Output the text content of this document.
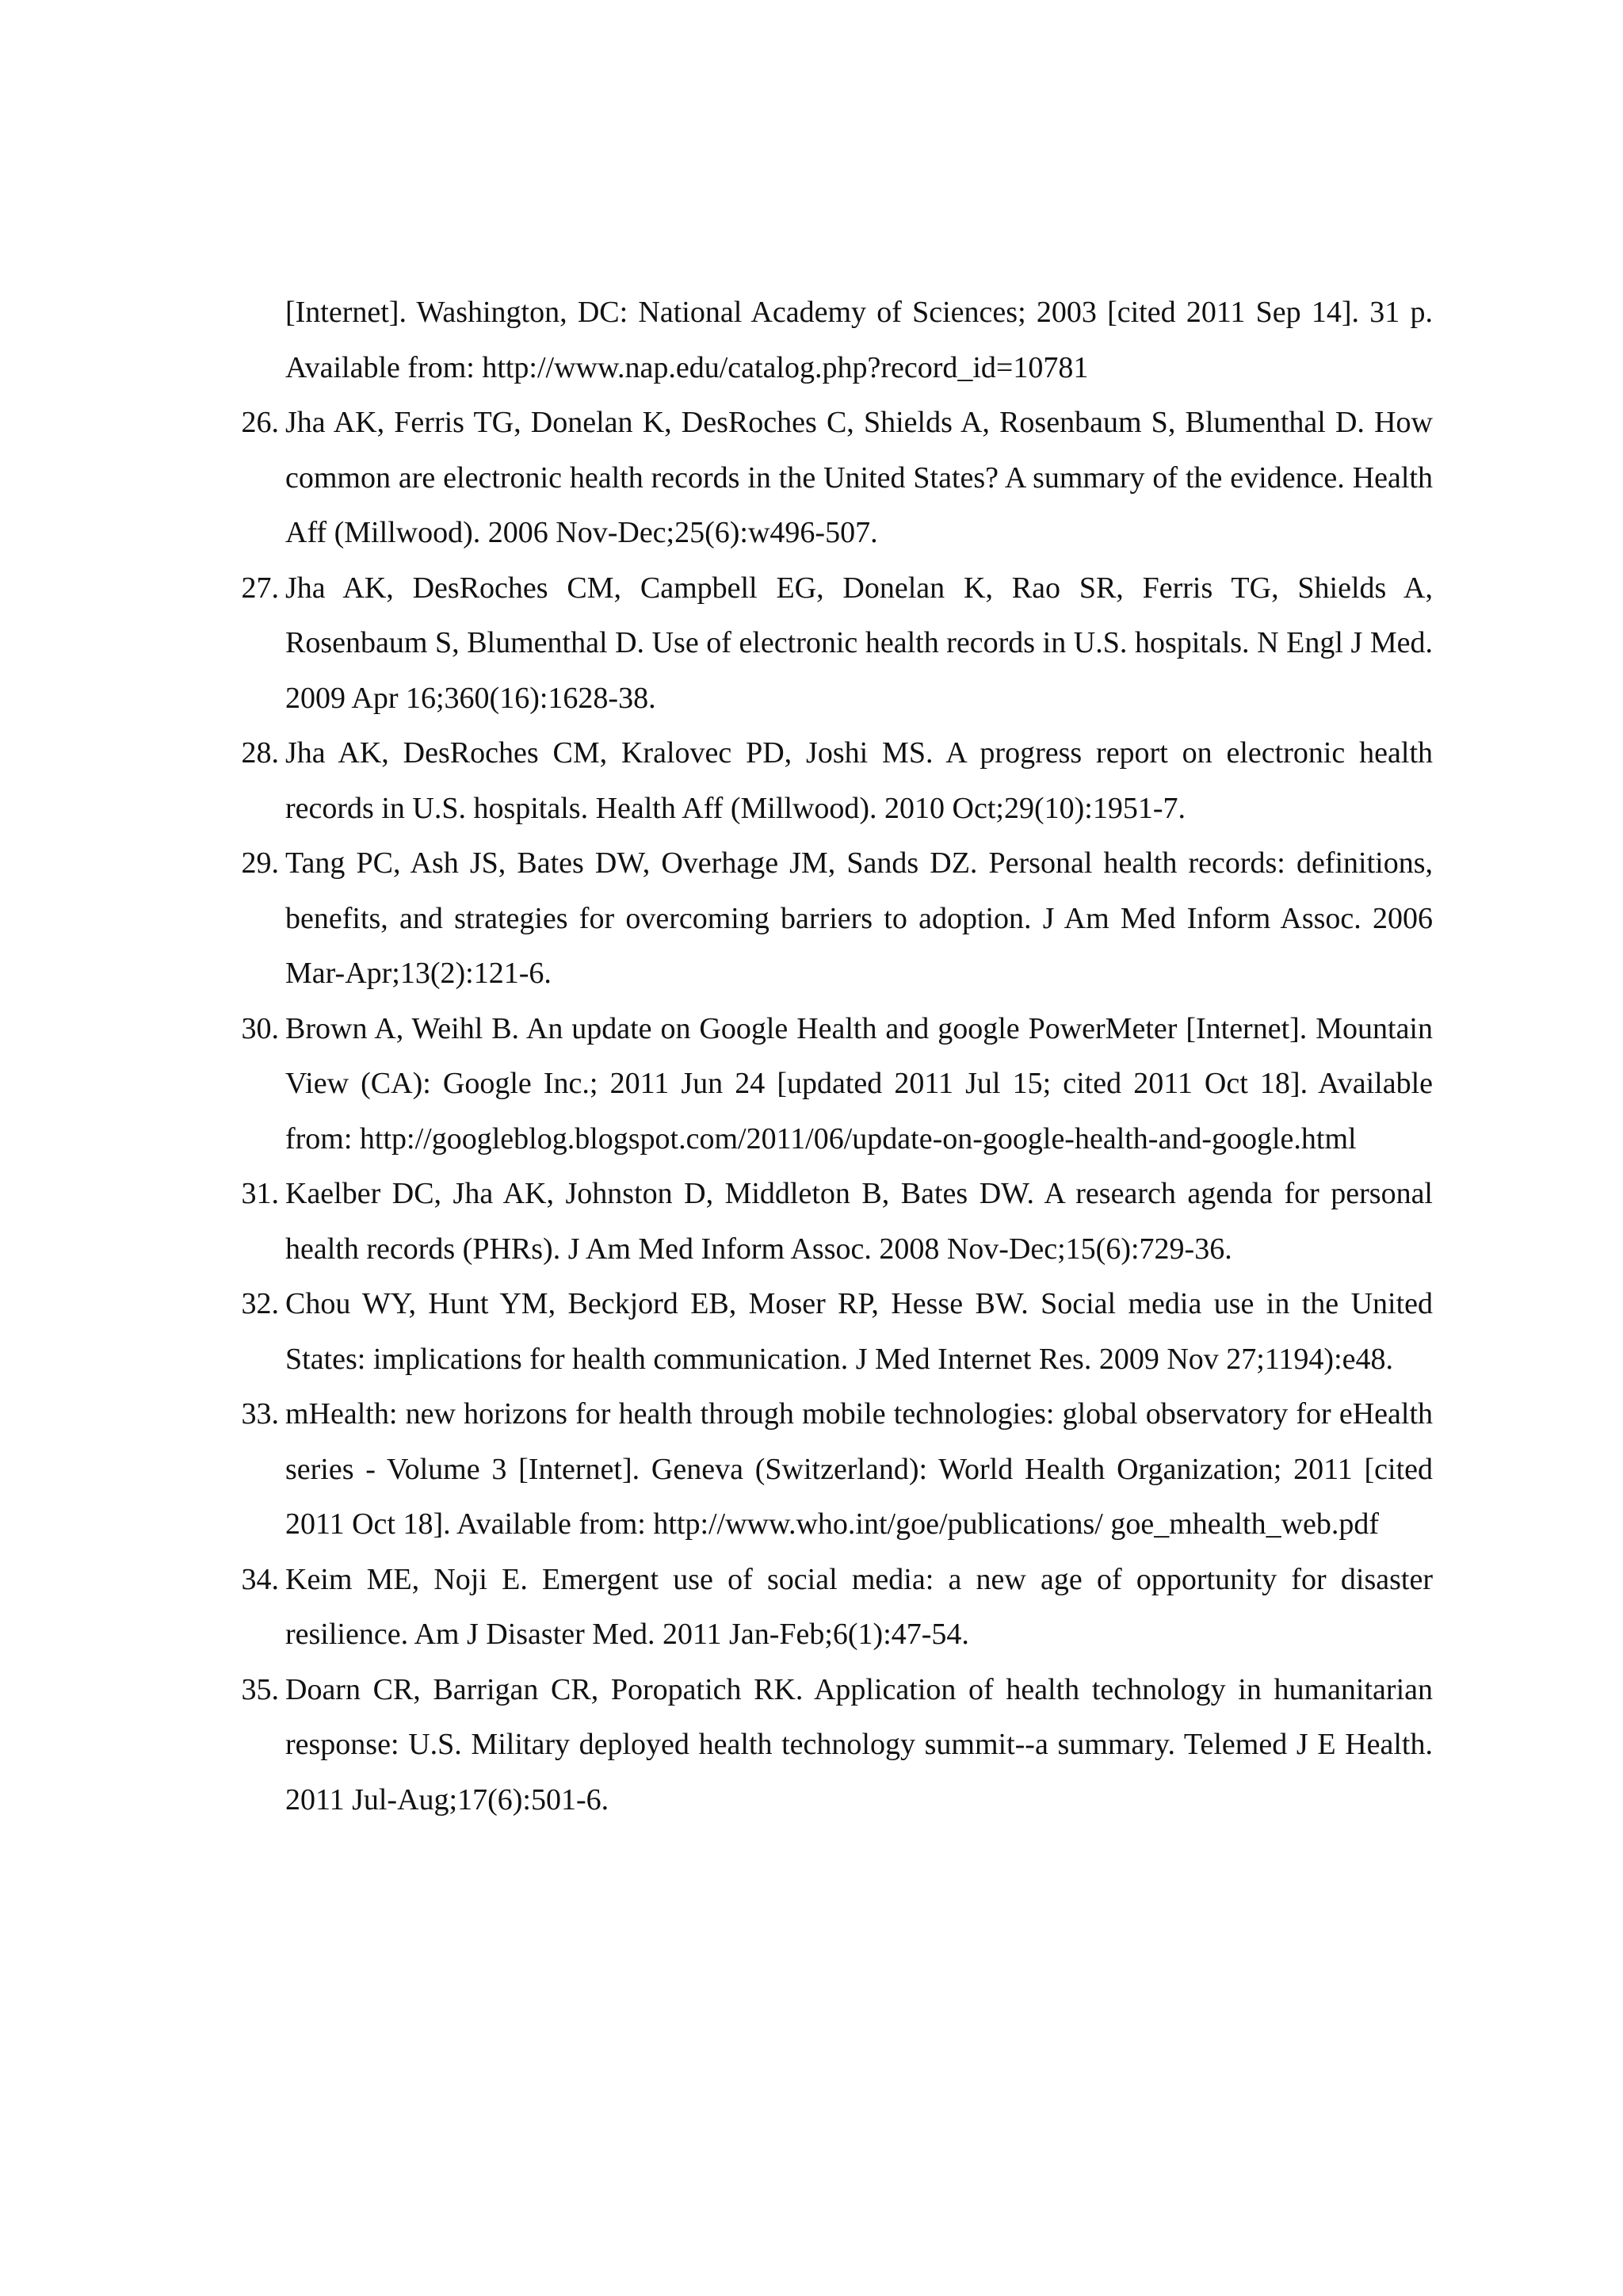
[Internet]. Washington, DC: National Academy of Sciences; 2003 [cited 2011 Sep 14]. 31 p. Available from: http://www.nap.edu/catalog.php?record_id=10781
26. Jha AK, Ferris TG, Donelan K, DesRoches C, Shields A, Rosenbaum S, Blumenthal D. How common are electronic health records in the United States? A summary of the evidence. Health Aff (Millwood). 2006 Nov-Dec;25(6):w496-507.
27. Jha AK, DesRoches CM, Campbell EG, Donelan K, Rao SR, Ferris TG, Shields A, Rosenbaum S, Blumenthal D. Use of electronic health records in U.S. hospitals. N Engl J Med. 2009 Apr 16;360(16):1628-38.
28. Jha AK, DesRoches CM, Kralovec PD, Joshi MS. A progress report on electronic health records in U.S. hospitals. Health Aff (Millwood). 2010 Oct;29(10):1951-7.
29. Tang PC, Ash JS, Bates DW, Overhage JM, Sands DZ. Personal health records: definitions, benefits, and strategies for overcoming barriers to adoption. J Am Med Inform Assoc. 2006 Mar-Apr;13(2):121-6.
30. Brown A, Weihl B. An update on Google Health and google PowerMeter [Internet]. Mountain View (CA): Google Inc.; 2011 Jun 24 [updated 2011 Jul 15; cited 2011 Oct 18]. Available from: http://googleblog.blogspot.com/2011/06/update-on-google-health-and-google.html
31. Kaelber DC, Jha AK, Johnston D, Middleton B, Bates DW. A research agenda for personal health records (PHRs). J Am Med Inform Assoc. 2008 Nov-Dec;15(6):729-36.
32. Chou WY, Hunt YM, Beckjord EB, Moser RP, Hesse BW. Social media use in the United States: implications for health communication. J Med Internet Res. 2009 Nov 27;1194):e48.
33. mHealth: new horizons for health through mobile technologies: global observatory for eHealth series - Volume 3 [Internet]. Geneva (Switzerland): World Health Organization; 2011 [cited 2011 Oct 18]. Available from: http://www.who.int/goe/publications/ goe_mhealth_web.pdf
34. Keim ME, Noji E. Emergent use of social media: a new age of opportunity for disaster resilience. Am J Disaster Med. 2011 Jan-Feb;6(1):47-54.
35. Doarn CR, Barrigan CR, Poropatich RK. Application of health technology in humanitarian response: U.S. Military deployed health technology summit--a summary. Telemed J E Health. 2011 Jul-Aug;17(6):501-6.
